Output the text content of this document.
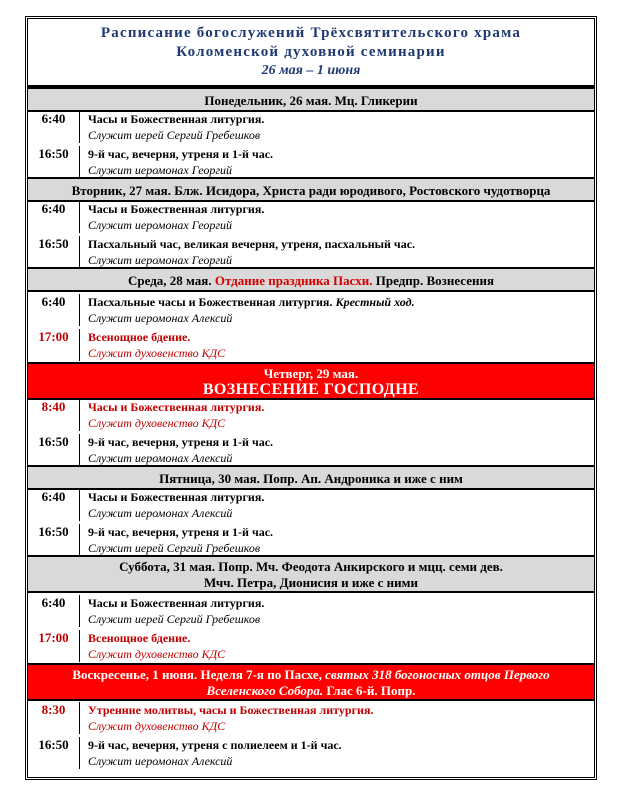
Расписание богослужений Трёхсвятительского храма
Коломенской духовной семинарии
26 мая – 1 июня
Понедельник, 26 мая. Мц. Гликерии
6:40	Часы и Божественная литургия.
Служит иерей Сергий Гребешков
16:50	9-й час, вечерня, утреня и 1-й час.
Служит иеромонах Георгий
Вторник, 27 мая. Блж. Исидора, Христа ради юродивого, Ростовского чудотворца
6:40	Часы и Божественная литургия.
Служит иеромонах Георгий
16:50	Пасхальный час, великая вечерня, утреня, пасхальный час.
Служит иеромонах Георгий
Среда, 28 мая. Отдание праздника Пасхи. Предпр. Вознесения
6:40	Пасхальные часы и Божественная литургия. Крестный ход.
Служит иеромонах Алексий
17:00	Всенощное бдение.
Служит духовенство КДС
Четверг, 29 мая.
ВОЗНЕСЕНИЕ ГОСПОДНЕ
8:40	Часы и Божественная литургия.
Служит духовенство КДС
16:50	9-й час, вечерня, утреня и 1-й час.
Служит иеромонах Алексий
Пятница, 30 мая. Попр. Ап. Андроника и иже с ним
6:40	Часы и Божественная литургия.
Служит иеромонах Алексий
16:50	9-й час, вечерня, утреня и 1-й час.
Служит иерей Сергий Гребешков
Суббота, 31 мая. Попр. Мч. Феодота Анкирского и мцц. семи дев.
Мчч. Петра, Дионисия и иже с ними
6:40	Часы и Божественная литургия.
Служит иерей Сергий Гребешков
17:00	Всенощное бдение.
Служит духовенство КДС
Воскресенье, 1 июня. Неделя 7-я по Пасхе, святых 318 богоносных отцов Первого Вселенского Собора. Глас 6-й. Попр.
8:30	Утренние молитвы, часы и Божественная литургия.
Служит духовенство КДС
16:50	9-й час, вечерня, утреня с полиелеем и 1-й час.
Служит иеромонах Алексий
